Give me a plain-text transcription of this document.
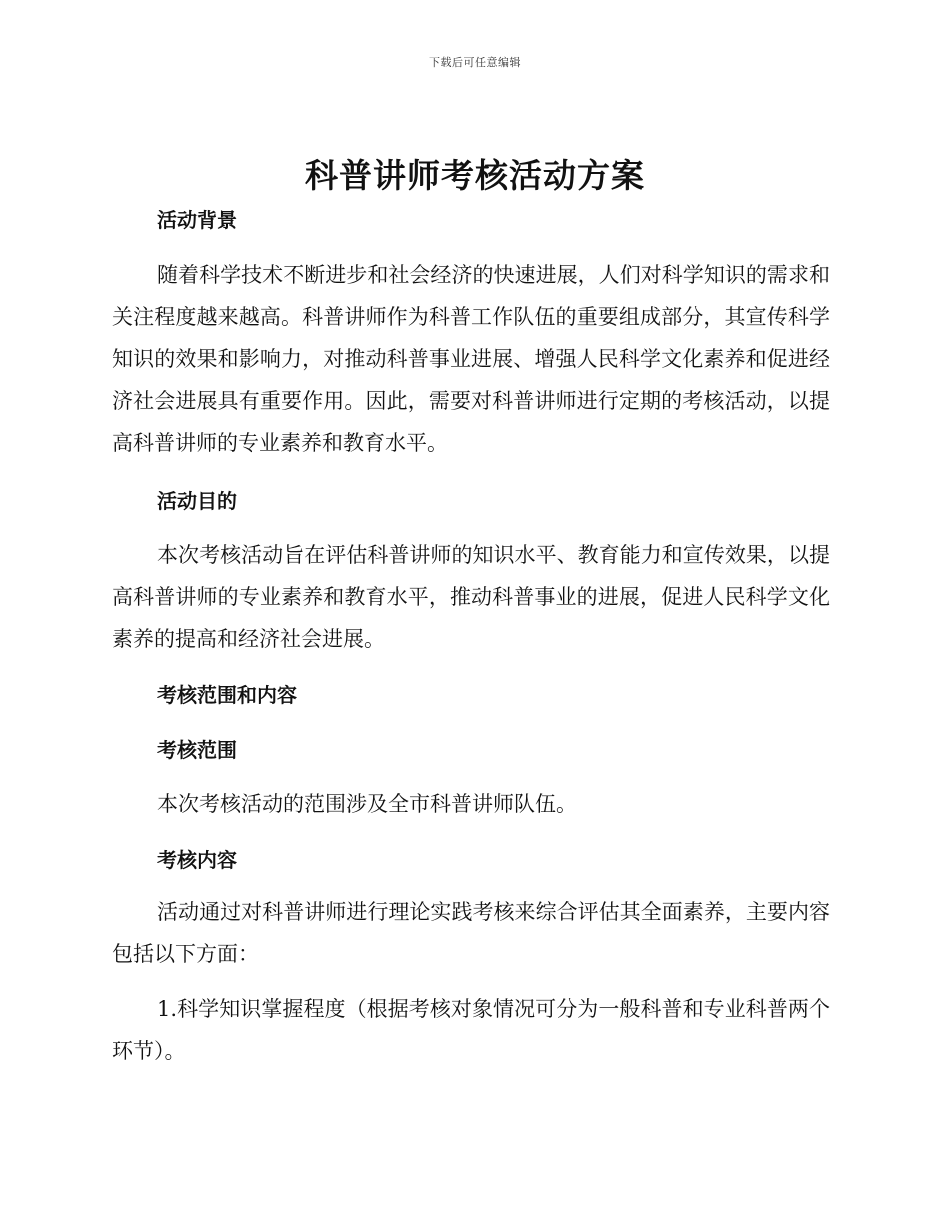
下载后可任意编辑
科普讲师考核活动方案
活动背景

随着科学技术不断进步和社会经济的快速进展，人们对科学知识的需求和关注程度越来越高。科普讲师作为科普工作队伍的重要组成部分，其宣传科学知识的效果和影响力，对推动科普事业进展、增强人民科学文化素养和促进经济社会进展具有重要作用。因此，需要对科普讲师进行定期的考核活动，以提高科普讲师的专业素养和教育水平。

活动目的

本次考核活动旨在评估科普讲师的知识水平、教育能力和宣传效果，以提高科普讲师的专业素养和教育水平，推动科普事业的进展，促进人民科学文化素养的提高和经济社会进展。

考核范围和内容
考核范围

本次考核活动的范围涉及全市科普讲师队伍。

考核内容

活动通过对科普讲师进行理论实践考核来综合评估其全面素养，主要内容包括以下方面：

1.科学知识掌握程度（根据考核对象情况可分为一般科普和专业科普两个环节）。
